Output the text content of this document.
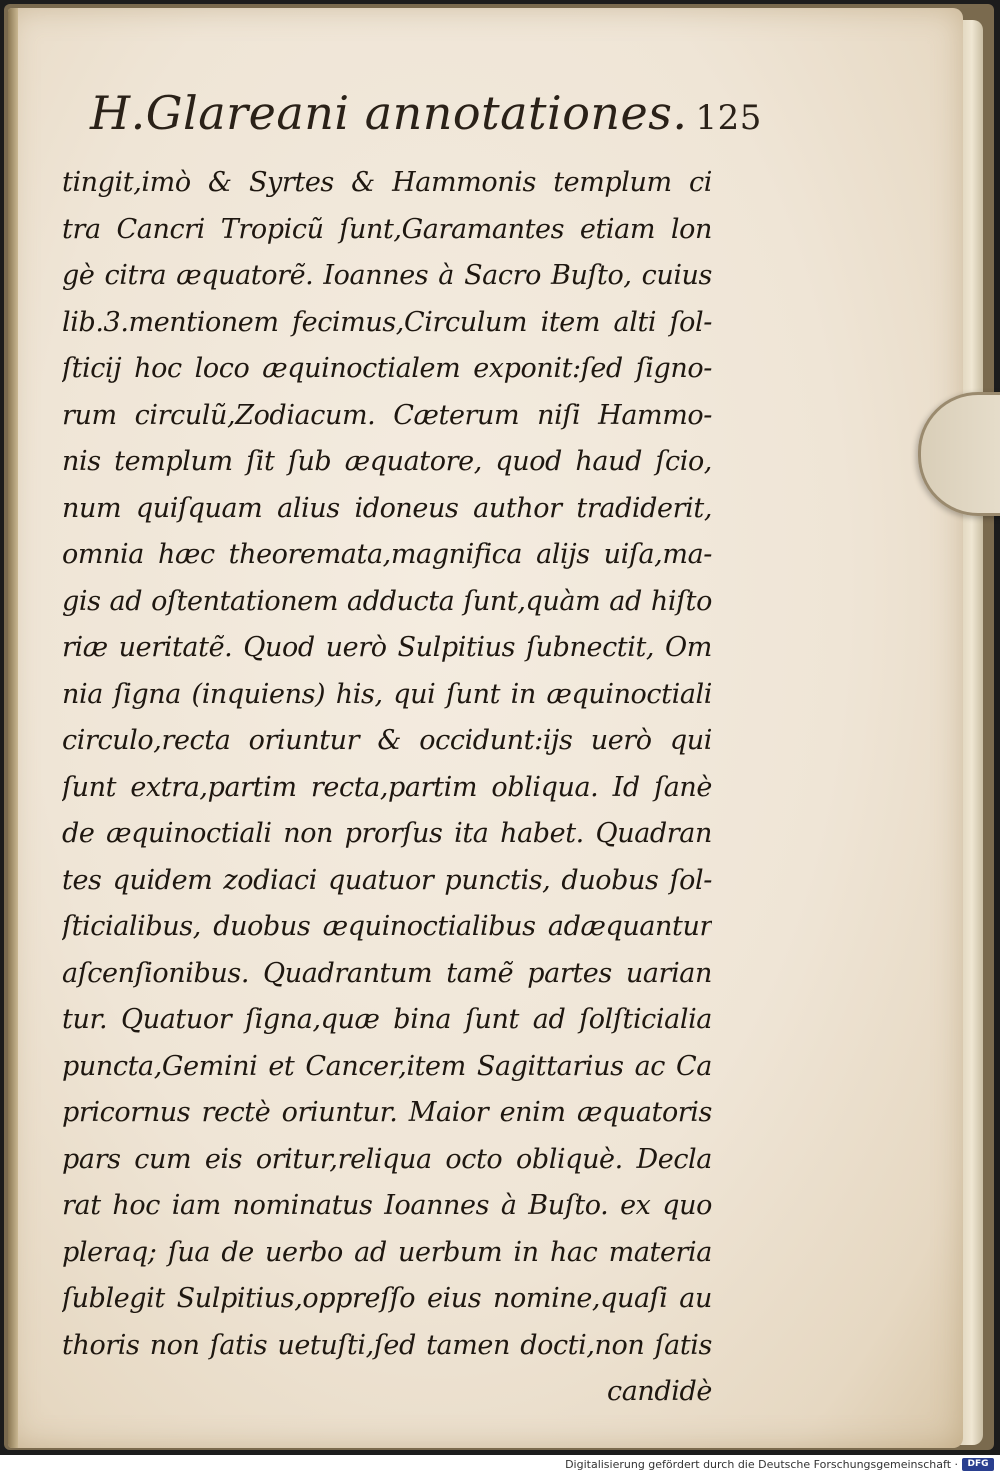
H.Glareani annotationes. 125
tingit,imò & Syrtes & Hammonis templum ci
tra Cancri Tropicũ ſunt,Garamantes etiam lon
gè citra æquatorẽ. Ioannes à Sacro Buſto, cuius
lib.3.mentionem fecimus,Circulum item alti ſol-
ſticij hoc loco æquinoctialem exponit:ſed ſigno-
rum circulũ,Zodiacum. Cæterum niſi Hammo-
nis templum ſit ſub æquatore, quod haud ſcio,
num quiſquam alius idoneus author tradiderit,
omnia hæc theoremata,magnifica alijs uiſa,ma-
gis ad oſtentationem adducta ſunt,quàm ad hiſto
riæ ueritatẽ. Quod uerò Sulpitius ſubnectit, Om
nia ſigna (inquiens) his, qui ſunt in æquinoctiali
circulo,recta oriuntur & occidunt:ijs uerò qui
ſunt extra,partim recta,partim obliqua. Id ſanè
de æquinoctiali non prorſus ita habet. Quadran
tes quidem zodiaci quatuor punctis, duobus ſol-
ſticialibus, duobus æquinoctialibus adæquantur
aſcenſionibus. Quadrantum tamẽ partes uarian
tur. Quatuor ſigna,quæ bina ſunt ad ſolſticialia
puncta,Gemini et Cancer,item Sagittarius ac Ca
pricornus rectè oriuntur. Maior enim æquatoris
pars cum eis oritur,reliqua octo obliquè. Decla
rat hoc iam nominatus Ioannes à Buſto. ex quo
pleraq; ſua de uerbo ad uerbum in hac materia
ſublegit Sulpitius,oppreſſo eius nomine,quaſi au
thoris non ſatis uetuſti,ſed tamen docti,non ſatis
candidè
Digitalisierung gefördert durch die Deutsche Forschungsgemeinschaft ·	DFG
